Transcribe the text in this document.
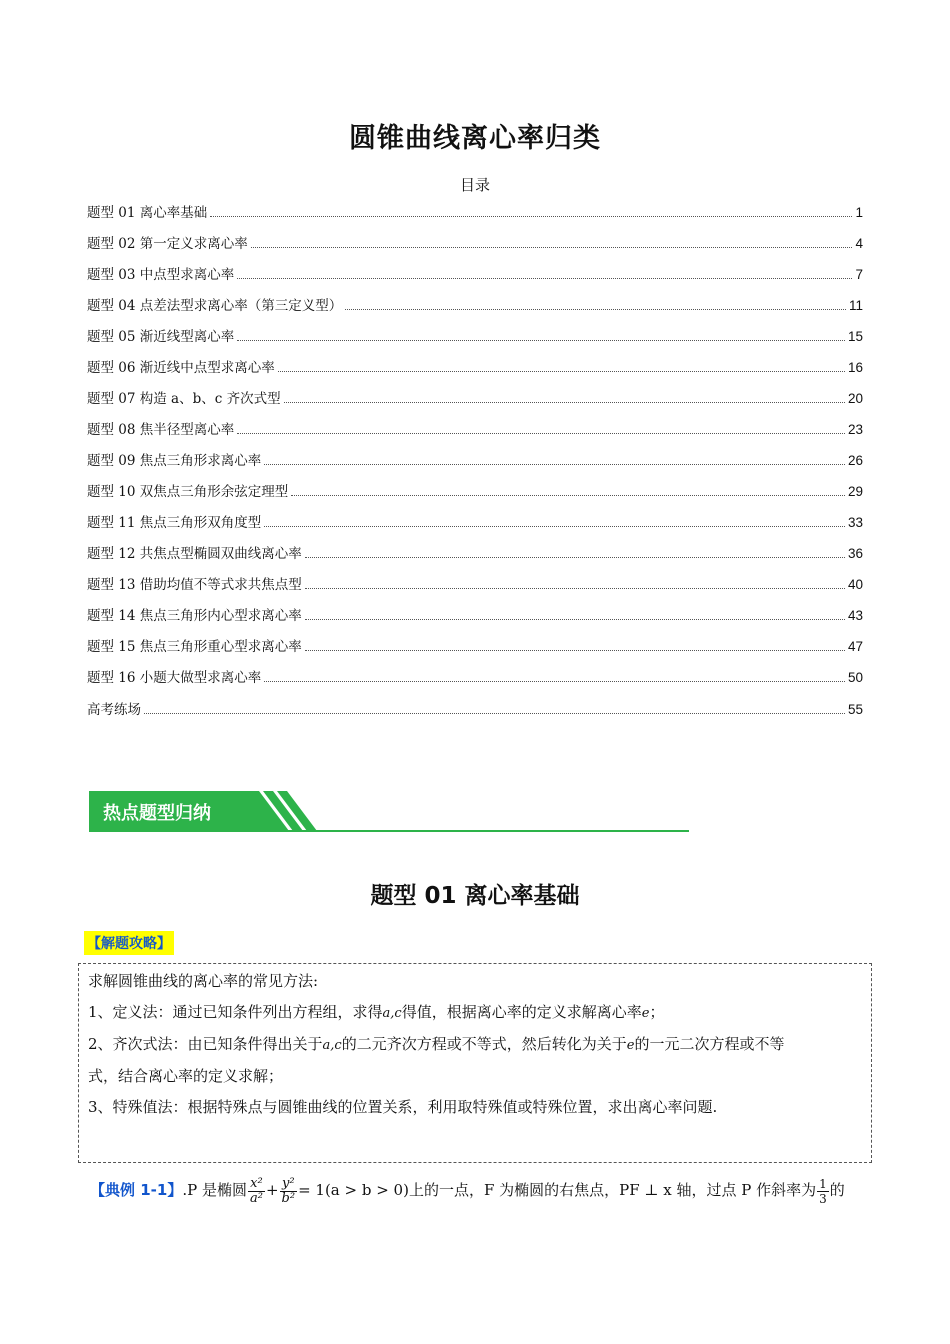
圆锥曲线离心率归类
目录
题型 01 离心率基础	1
题型 02 第一定义求离心率	4
题型 03 中点型求离心率	7
题型 04 点差法型求离心率（第三定义型）	11
题型 05 渐近线型离心率	15
题型 06 渐近线中点型求离心率	16
题型 07 构造 a、b、c 齐次式型	20
题型 08 焦半径型离心率	23
题型 09 焦点三角形求离心率	26
题型 10 双焦点三角形余弦定理型	29
题型 11 焦点三角形双角度型	33
题型 12 共焦点型椭圆双曲线离心率	36
题型 13 借助均值不等式求共焦点型	40
题型 14 焦点三角形内心型求离心率	43
题型 15 焦点三角形重心型求离心率	47
题型 16 小题大做型求离心率	50
高考练场	55
热点题型归纳
题型 01 离心率基础
【解题攻略】

求解圆锥曲线的离心率的常见方法:

1、定义法：通过已知条件列出方程组，求得a,c得值，根据离心率的定义求解离心率e；

2、齐次式法：由已知条件得出关于a,c的二元齐次方程或不等式，然后转化为关于e的一元二次方程或不等

式，结合离心率的定义求解；

3、特殊值法：根据特殊点与圆锥曲线的位置关系，利用取特殊值或特殊位置，求出离心率问题.

【典例 1-1】.P 是椭圆 $\frac{\text{x²}}{\text{a²}} + \frac{\text{y²}}{\text{b²}} = 1(a > b > 0)$上的一点，F 为椭圆的右焦点，PF ⊥ x 轴，过点 P 作斜率为 $\frac{1}{3}$ 的
